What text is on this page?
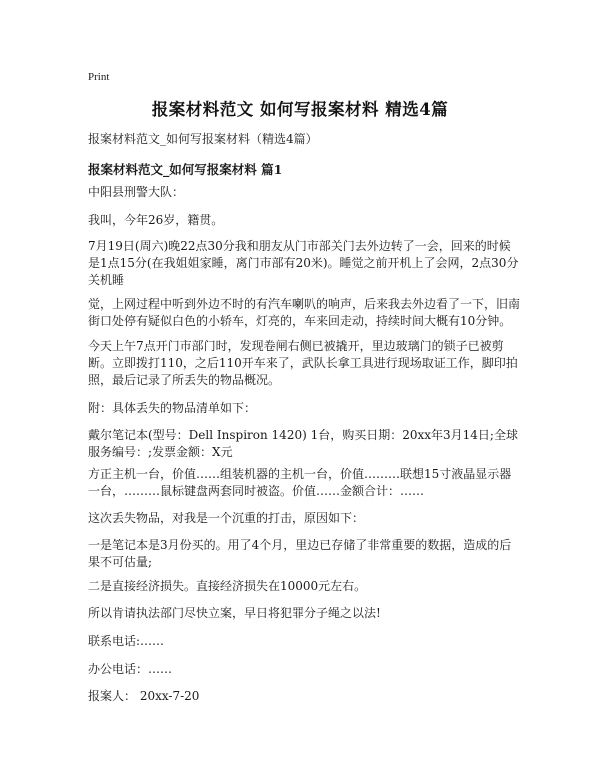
Print
报案材料范文 如何写报案材料 精选4篇
报案材料范文_如何写报案材料（精选4篇）
报案材料范文_如何写报案材料 篇1

中阳县刑警大队：

我叫，今年26岁，籍贯。

7月19日(周六)晚22点30分我和朋友从门市部关门去外边转了一会，回来的时候是1点15分(在我姐姐家睡，离门市部有20米)。睡觉之前开机上了会网，2点30分关机睡

觉，上网过程中听到外边不时的有汽车喇叭的响声，后来我去外边看了一下，旧南街口处停有疑似白色的小轿车，灯亮的，车来回走动，持续时间大概有10分钟。

今天上午7点开门市部门时，发现卷闸右侧已被撬开，里边玻璃门的锁子已被剪断。立即拨打110，之后110开车来了，武队长拿工具进行现场取证工作，脚印拍照，最后记录了所丢失的物品概况。

附：具体丢失的物品清单如下：

戴尔笔记本(型号：Dell Inspiron 1420) 1台，购买日期：20xx年3月14日;全球服务编号：;发票金额：X元

方正主机一台，价值……组装机器的主机一台，价值………联想15寸液晶显示器一台，………鼠标键盘两套同时被盗。价值……金额合计：……

这次丢失物品，对我是一个沉重的打击，原因如下：

一是笔记本是3月份买的。用了4个月，里边已存储了非常重要的数据，造成的后果不可估量;

二是直接经济损失。直接经济损失在10000元左右。

所以肯请执法部门尽快立案，早日将犯罪分子绳之以法!

联系电话:……

办公电话：……

报案人： 20xx-7-20
